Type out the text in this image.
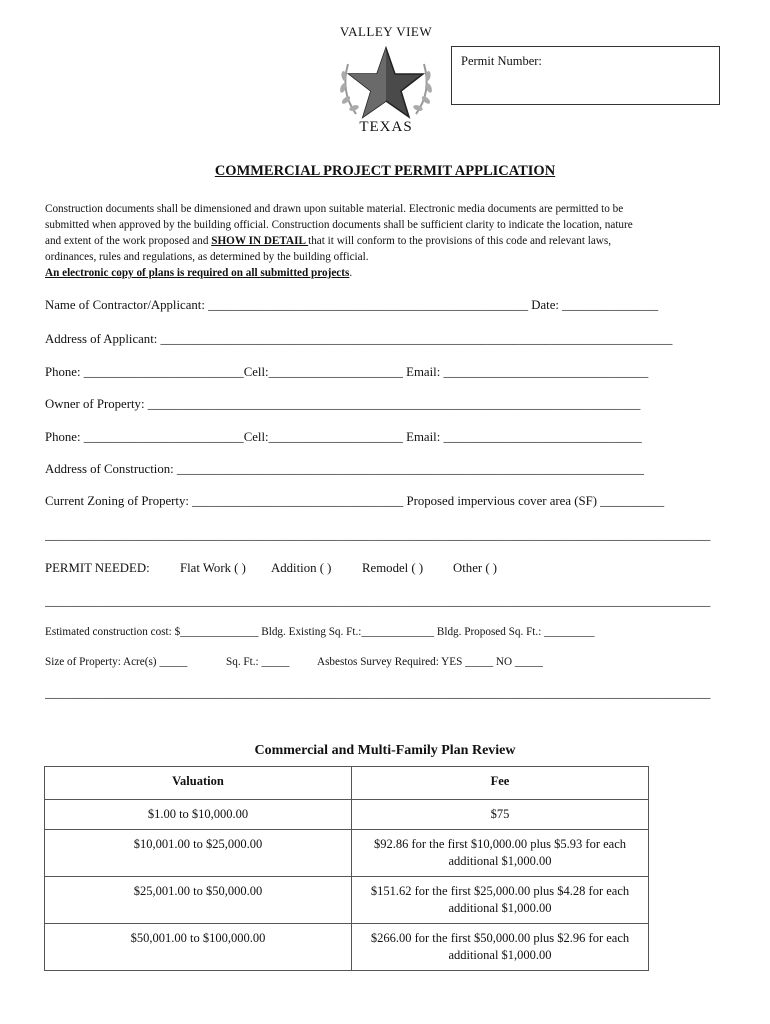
VALLEY VIEW
TEXAS
Permit Number:
COMMERCIAL PROJECT PERMIT APPLICATION
Construction documents shall be dimensioned and drawn upon suitable material. Electronic media documents are permitted to be
submitted when approved by the building official. Construction documents shall be sufficient clarity to indicate the location, nature
and extent of the work proposed and SHOW IN DETAIL that it will conform to the provisions of this code and relevant laws,
ordinances, rules and regulations, as determined by the building official.
An electronic copy of plans is required on all submitted projects.
Name of Contractor/Applicant: __________________________________________________ Date: _______________
Address of Applicant: ________________________________________________________________________________
Phone: _________________________Cell:_____________________ Email: ________________________________
Owner of Property: _____________________________________________________________________________
Phone: _________________________Cell:_____________________ Email: _______________________________
Address of Construction: _________________________________________________________________________
Current Zoning of Property: _________________________________ Proposed impervious cover area (SF) __________
________________________________________________________________________________________________________
PERMIT NEEDED: Flat Work ( ) Addition ( ) Remodel ( ) Other ( )
________________________________________________________________________________________________________
Estimated construction cost: $______________ Bldg. Existing Sq. Ft.:_____________ Bldg. Proposed Sq. Ft.: _________
Size of Property: Acre(s) _____	Sq. Ft.: _____ Asbestos Survey Required: YES _____ NO _____
________________________________________________________________________________________________________
Commercial and Multi-Family Plan Review
Valuation	Fee
$1.00 to $10,000.00	$75
$10,001.00 to $25,000.00	$92.86 for the first $10,000.00 plus $5.93 for each additional $1,000.00
$25,001.00 to $50,000.00	$151.62 for the first $25,000.00 plus $4.28 for each additional $1,000.00
$50,001.00 to $100,000.00	$266.00 for the first $50,000.00 plus $2.96 for each additional $1,000.00
